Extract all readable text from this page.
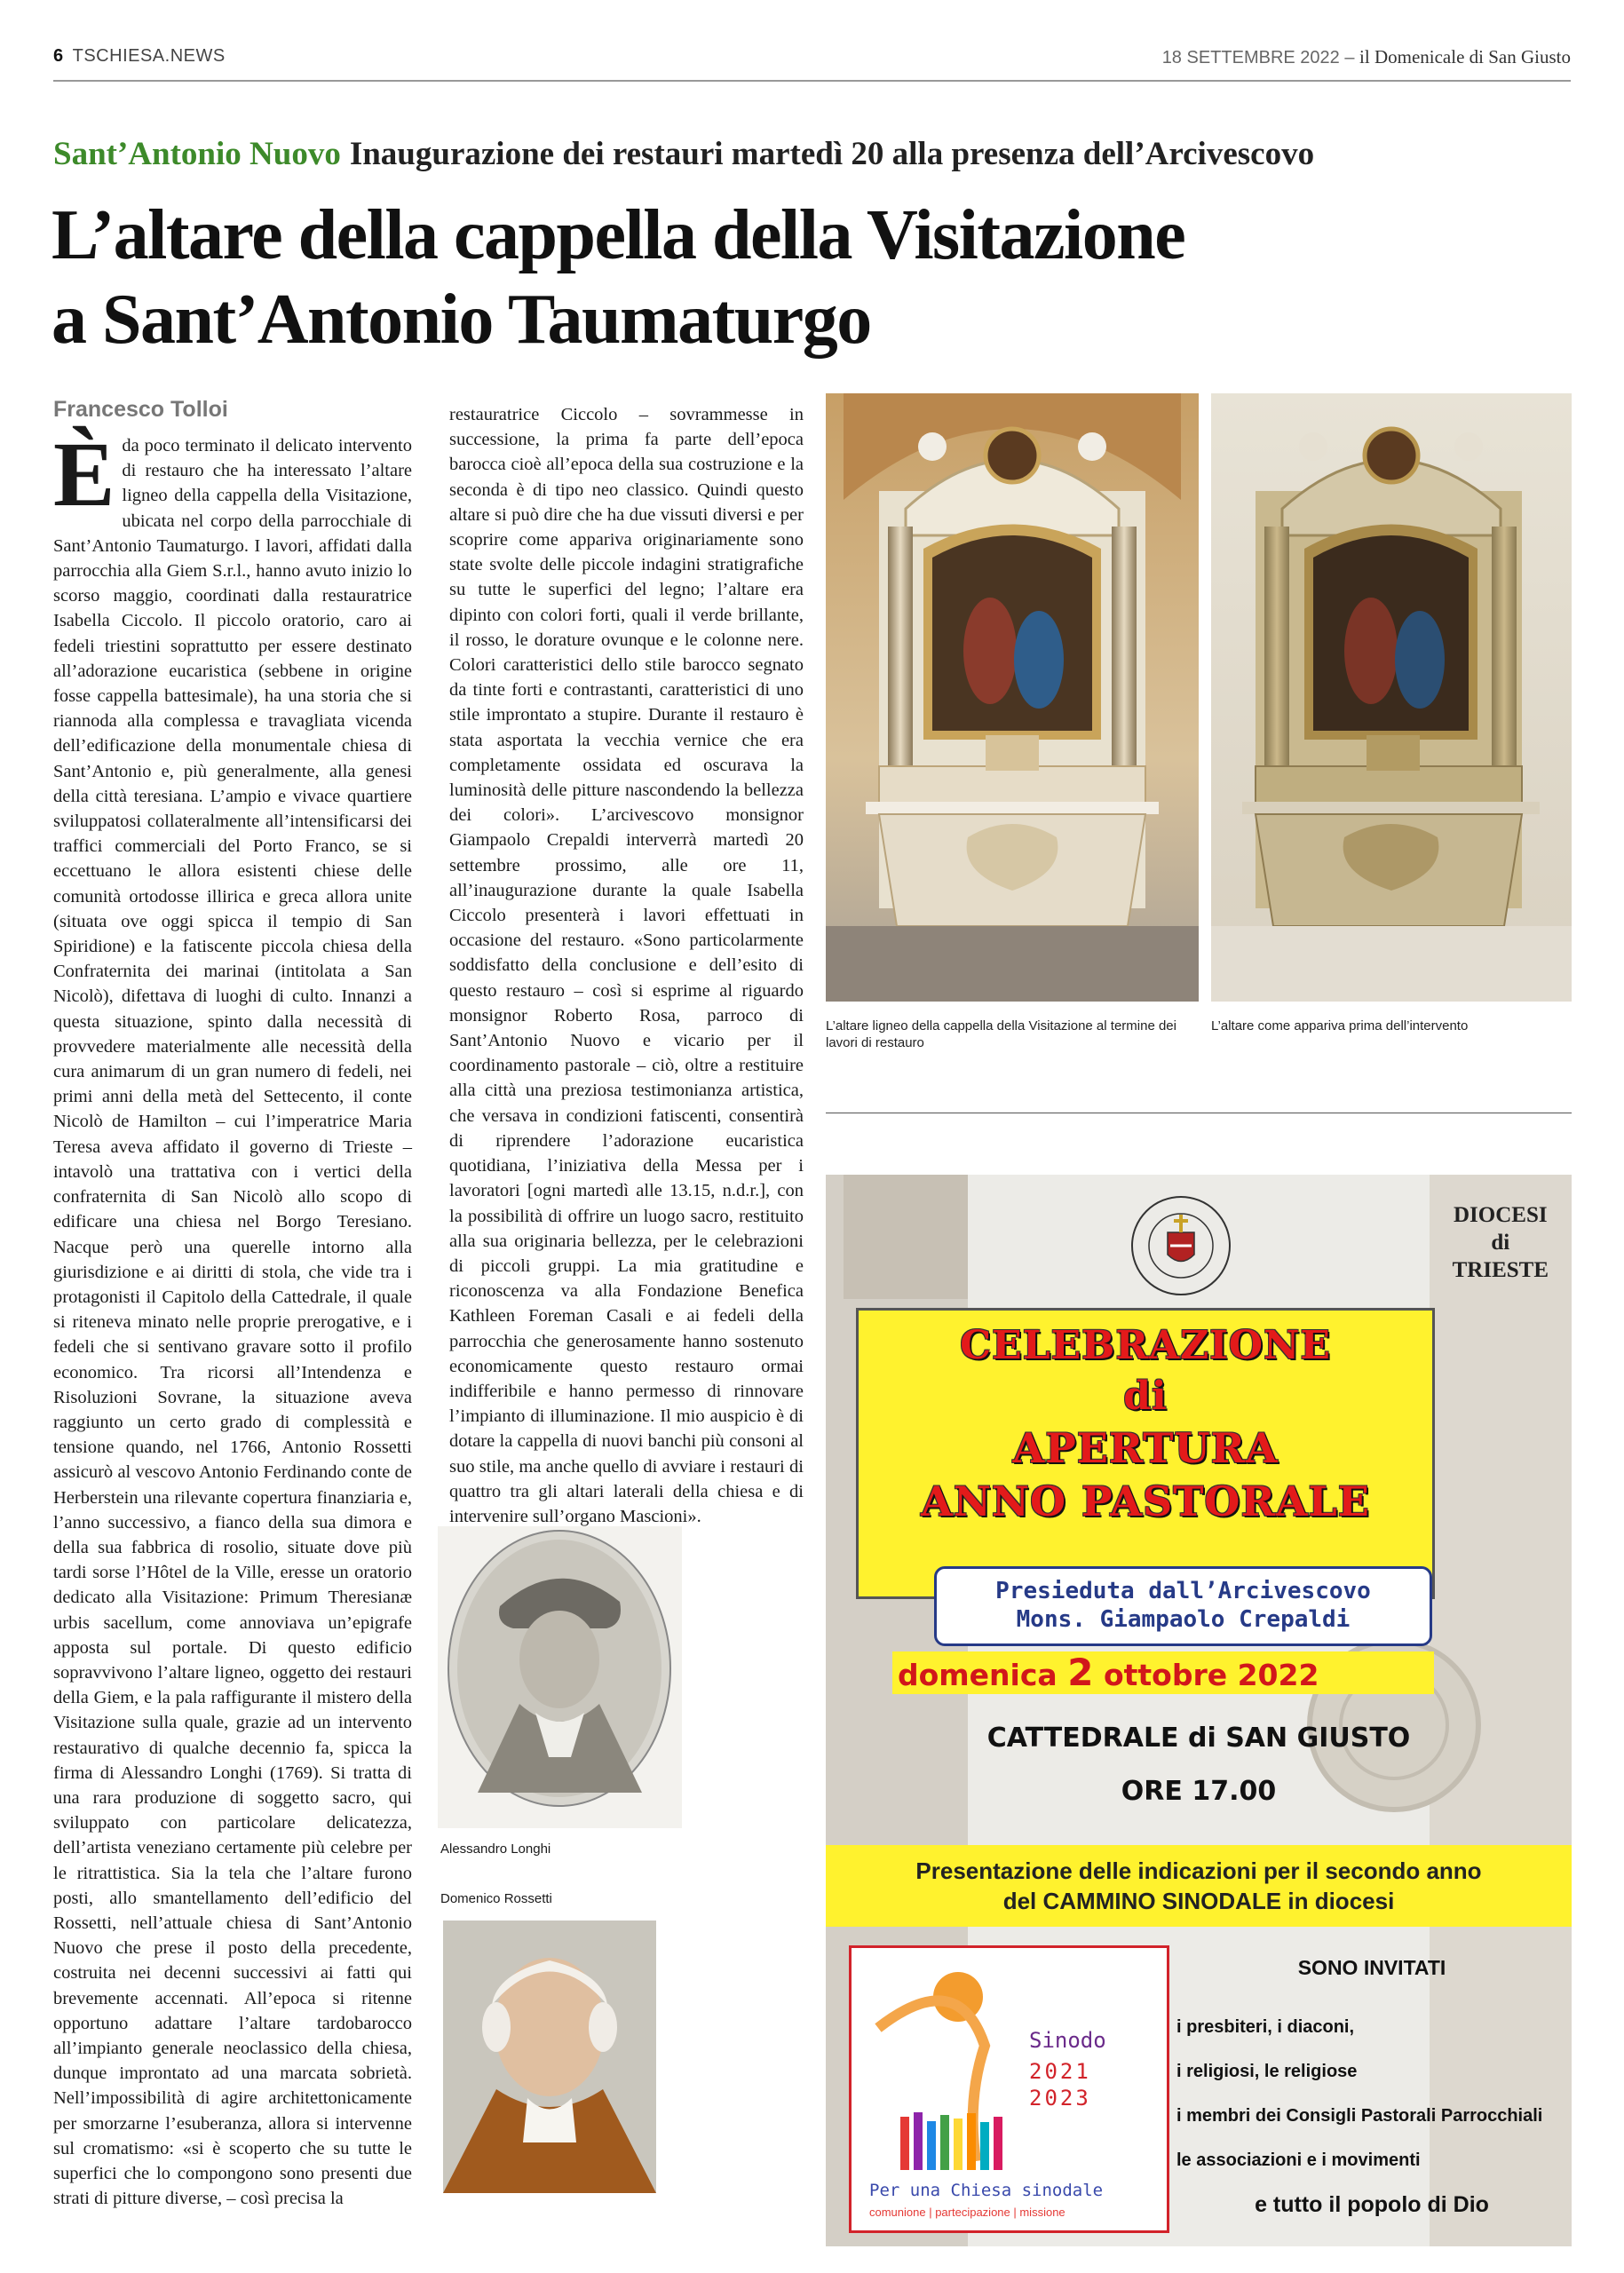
6 TSCHIESA.NEWS	18 SETTEMBRE 2022 – il Domenicale di San Giusto
Sant’Antonio Nuovo Inaugurazione dei restauri martedì 20 alla presenza dell’Arcivescovo
L’altare della cappella della Visitazione
a Sant’Antonio Taumaturgo
Francesco Tolloi
È da poco terminato il delicato intervento di restauro che ha interessato l’altare ligneo della cappella della Visitazione, ubicata nel corpo della parrocchiale di Sant’Antonio Taumaturgo. I lavori, affidati dalla parrocchia alla Giem S.r.l., hanno avuto inizio lo scorso maggio, coordinati dalla restauratrice Isabella Ciccolo. Il piccolo oratorio, caro ai fedeli triestini soprattutto per essere destinato all’adorazione eucaristica (sebbene in origine fosse cappella battesimale), ha una storia che si riannoda alla complessa e travagliata vicenda dell’edificazione della monumentale chiesa di Sant’Antonio e, più generalmente, alla genesi della città teresiana. L’ampio e vivace quartiere sviluppatosi collateralmente all’intensificarsi dei traffici commerciali del Porto Franco, se si eccettuano le allora esistenti chiese delle comunità ortodosse illirica e greca allora unite (situata ove oggi spicca il tempio di San Spiridione) e la fatiscente piccola chiesa della Confraternita dei marinai (intitolata a San Nicolò), difettava di luoghi di culto. Innanzi a questa situazione, spinto dalla necessità di provvedere materialmente alle necessità della cura animarum di un gran numero di fedeli, nei primi anni della metà del Settecento, il conte Nicolò de Hamilton – cui l’imperatrice Maria Teresa aveva affidato il governo di Trieste – intavolò una trattativa con i vertici della confraternita di San Nicolò allo scopo di edificare una chiesa nel Borgo Teresiano. Nacque però una querelle intorno alla giurisdizione e ai diritti di stola, che vide tra i protagonisti il Capitolo della Cattedrale, il quale si riteneva minato nelle proprie prerogative, e i fedeli che si sentivano gravare sotto il profilo economico. Tra ricorsi all’Intendenza e Risoluzioni Sovrane, la situazione aveva raggiunto un certo grado di complessità e tensione quando, nel 1766, Antonio Rossetti assicurò al vescovo Antonio Ferdinando conte de Herberstein una rilevante copertura finanziaria e, l’anno successivo, a fianco della sua dimora e della sua fabbrica di rosolio, situate dove più tardi sorse l’Hôtel de la Ville, eresse un oratorio dedicato alla Visitazione: Primum Theresianæ urbis sacellum, come annoviava un’epigrafe apposta sul portale. Di questo edificio sopravvivono l’altare ligneo, oggetto dei restauri della Giem, e la pala raffigurante il mistero della Visitazione sulla quale, grazie ad un intervento restaurativo di qualche decennio fa, spicca la firma di Alessandro Longhi (1769). Si tratta di una rara produzione di soggetto sacro, qui sviluppato con particolare delicatezza, dell’artista veneziano certamente più celebre per le ritrattistica. Sia la tela che l’altare furono posti, allo smantellamento dell’edificio del Rossetti, nell’attuale chiesa di Sant’Antonio Nuovo che prese il posto della precedente, costruita nei decenni successivi ai fatti qui brevemente accennati. All’epoca si ritenne opportuno adattare l’altare tardobarocco all’impianto generale neoclassico della chiesa, dunque improntato ad una marcata sobrietà. Nell’impossibilità di agire architettonicamente per smorzarne l’esuberanza, allora si intervenne sul cromatismo: «si è scoperto che su tutte le superfici che lo compongono sono presenti due strati di pitture diverse, – così precisa la

restauratrice Ciccolo – sovrammesse in successione, la prima fa parte dell’epoca barocca cioè all’epoca della sua costruzione e la seconda è di tipo neo classico. Quindi questo altare si può dire che ha due vissuti diversi e per scoprire come appariva originariamente sono state svolte delle piccole indagini stratigrafiche su tutte le superfici del legno; l’altare era dipinto con colori forti, quali il verde brillante, il rosso, le dorature ovunque e le colonne nere. Colori caratteristici dello stile barocco segnato da tinte forti e contrastanti, caratteristici di uno stile improntato a stupire. Durante il restauro è stata asportata la vecchia vernice che era completamente ossidata ed oscurava la luminosità delle pitture nascondendo la bellezza dei colori». L’arcivescovo monsignor Giampaolo Crepaldi interverrà martedì 20 settembre prossimo, alle ore 11, all’inaugurazione durante la quale Isabella Ciccolo presenterà i lavori effettuati in occasione del restauro. «Sono particolarmente soddisfatto della conclusione e dell’esito di questo restauro – così si esprime al riguardo monsignor Roberto Rosa, parroco di Sant’Antonio Nuovo e vicario per il coordinamento pastorale – ciò, oltre a restituire alla città una preziosa testimonianza artistica, che versava in condizioni fatiscenti, consentirà di riprendere l’adorazione eucaristica quotidiana, l’iniziativa della Messa per i lavoratori [ogni martedì alle 13.15, n.d.r.], con la possibilità di offrire un luogo sacro, restituito alla sua originaria bellezza, per le celebrazioni di piccoli gruppi. La mia gratitudine e riconoscenza va alla Fondazione Benefica Kathleen Foreman Casali e ai fedeli della parrocchia che generosamente hanno sostenuto economicamente questo restauro ormai indifferibile e hanno permesso di rinnovare l’impianto di illuminazione. Il mio auspicio è di dotare la cappella di nuovi banchi più consoni al suo stile, ma anche quello di avviare i restauri di quattro tra gli altari laterali della chiesa e di intervenire sull’organo Mascioni».

L’altare ligneo della cappella della Visitazione al termine dei lavori di restauro
L’altare come appariva prima dell’intervento
Alessandro Longhi
Domenico Rossetti
DIOCESI
di
TRIESTE
CELEBRAZIONE
di
APERTURA
ANNO PASTORALE
Presieduta dall’Arcivescovo
Mons. Giampaolo Crepaldi
domenica 2 ottobre 2022
CATTEDRALE di SAN GIUSTO
ORE 17.00
Presentazione delle indicazioni per il secondo anno
del CAMMINO SINODALE in diocesi
Sinodo
2021
2023
Per una Chiesa sinodale
comunione | partecipazione | missione
SONO INVITATI
i presbiteri, i diaconi,
i religiosi, le religiose
i membri dei Consigli Pastorali Parrocchiali
le associazioni e i movimenti
e tutto il popolo di Dio
